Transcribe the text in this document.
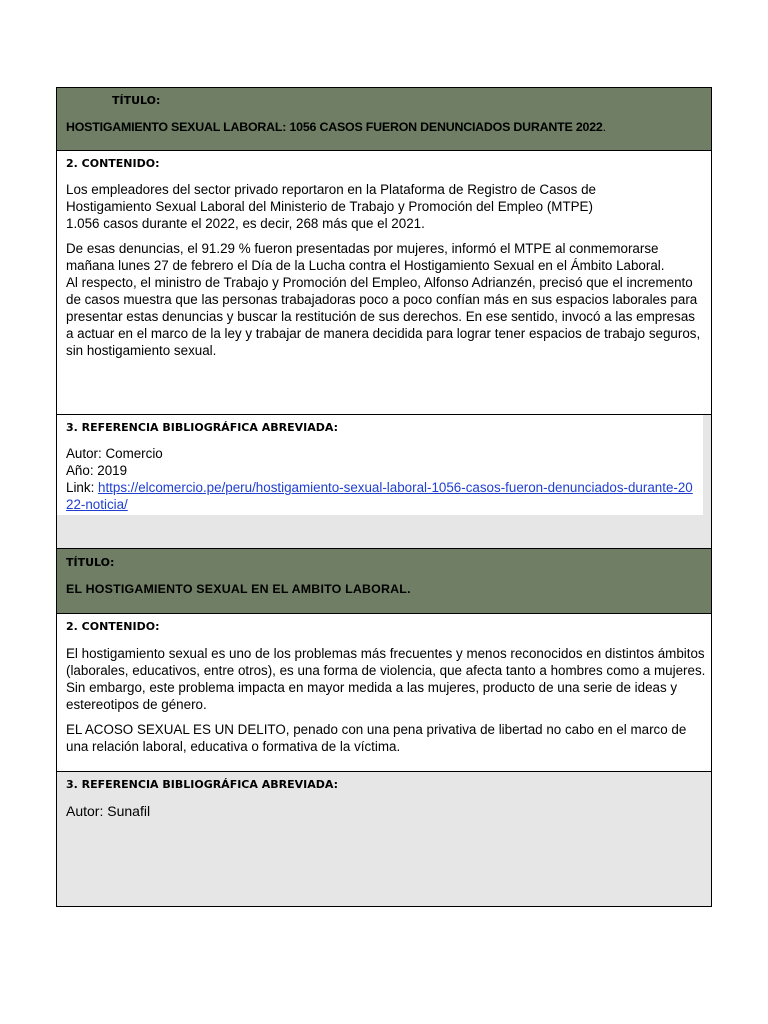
TÍTULO:
HOSTIGAMIENTO SEXUAL LABORAL: 1056 CASOS FUERON DENUNCIADOS DURANTE 2022.
2. CONTENIDO:

Los empleadores del sector privado reportaron en la Plataforma de Registro de Casos de Hostigamiento Sexual Laboral del Ministerio de Trabajo y Promoción del Empleo (MTPE) 1.056 casos durante el 2022, es decir, 268 más que el 2021.

De esas denuncias, el 91.29 % fueron presentadas por mujeres, informó el MTPE al conmemorarse mañana lunes 27 de febrero el Día de la Lucha contra el Hostigamiento Sexual en el Ámbito Laboral.

Al respecto, el ministro de Trabajo y Promoción del Empleo, Alfonso Adrianzén, precisó que el incremento de casos muestra que las personas trabajadoras poco a poco confían más en sus espacios laborales para presentar estas denuncias y buscar la restitución de sus derechos. En ese sentido, invocó a las empresas a actuar en el marco de la ley y trabajar de manera decidida para lograr tener espacios de trabajo seguros, sin hostigamiento sexual.

3. REFERENCIA BIBLIOGRÁFICA ABREVIADA:

Autor: Comercio

Año: 2019

Link: https://elcomercio.pe/peru/hostigamiento-sexual-laboral-1056-casos-fueron-denunciados-durante-2022-noticia/

TÍTULO:
EL HOSTIGAMIENTO SEXUAL EN EL AMBITO LABORAL.
2. CONTENIDO:

El hostigamiento sexual es uno de los problemas más frecuentes y menos reconocidos en distintos ámbitos (laborales, educativos, entre otros), es una forma de violencia, que afecta tanto a hombres como a mujeres. Sin embargo, este problema impacta en mayor medida a las mujeres, producto de una serie de ideas y estereotipos de género.

EL ACOSO SEXUAL ES UN DELITO, penado con una pena privativa de libertad no cabo en el marco de una relación laboral, educativa o formativa de la víctima.

3. REFERENCIA BIBLIOGRÁFICA ABREVIADA:
Autor: Sunafil
